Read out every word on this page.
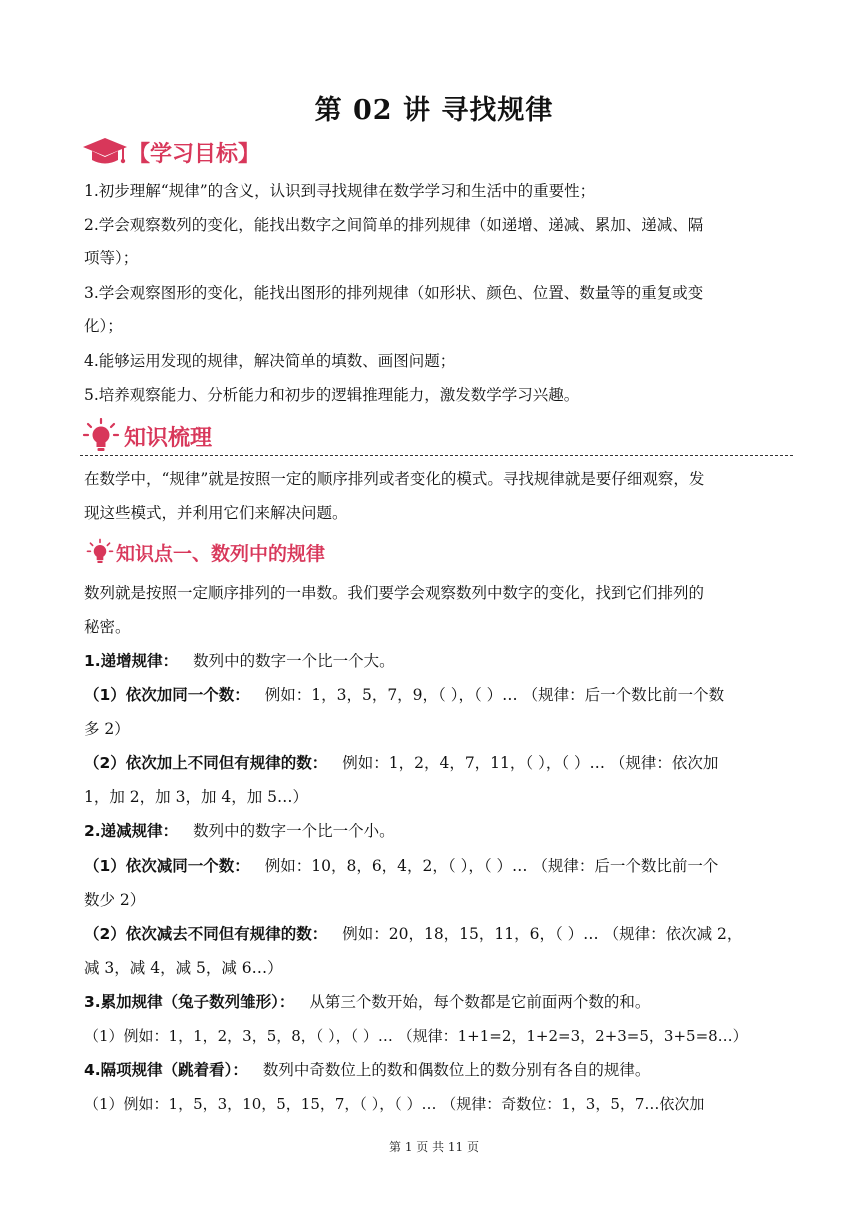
第 02 讲 寻找规律
【学习目标】
1.初步理解“规律”的含义，认识到寻找规律在数学学习和生活中的重要性；
2.学会观察数列的变化，能找出数字之间简单的排列规律（如递增、递减、累加、递减、隔
项等）；
3.学会观察图形的变化，能找出图形的排列规律（如形状、颜色、位置、数量等的重复或变
化）；
4.能够运用发现的规律，解决简单的填数、画图问题；
5.培养观察能力、分析能力和初步的逻辑推理能力，激发数学学习兴趣。
知识梳理
在数学中，“规律”就是按照一定的顺序排列或者变化的模式。寻找规律就是要仔细观察，发
现这些模式，并利用它们来解决问题。
知识点一、数列中的规律
数列就是按照一定顺序排列的一串数。我们要学会观察数列中数字的变化，找到它们排列的
秘密。
1.递增规律： 数列中的数字一个比一个大。
（1）依次加同一个数： 例如：1，3，5，7，9，（ ），（ ）… （规律：后一个数比前一个数
多 2）
（2）依次加上不同但有规律的数： 例如：1，2，4，7，11，（ ），（ ）… （规律：依次加
1，加 2，加 3，加 4，加 5…）
2.递减规律： 数列中的数字一个比一个小。
（1）依次减同一个数： 例如：10，8，6，4，2，（ ），（ ）… （规律：后一个数比前一个
数少 2）
（2）依次减去不同但有规律的数： 例如：20，18，15，11，6，（ ）… （规律：依次减 2，
减 3，减 4，减 5，减 6…）
3.累加规律（兔子数列雏形）： 从第三个数开始，每个数都是它前面两个数的和。
（1）例如：1，1，2，3，5，8，（ ），（ ）… （规律：1+1=2，1+2=3，2+3=5，3+5=8…）
4.隔项规律（跳着看）： 数列中奇数位上的数和偶数位上的数分别有各自的规律。
（1）例如：1，5，3，10，5，15，7，（ ），（ ）… （规律：奇数位：1，3，5，7…依次加
第 1 页 共 11 页
